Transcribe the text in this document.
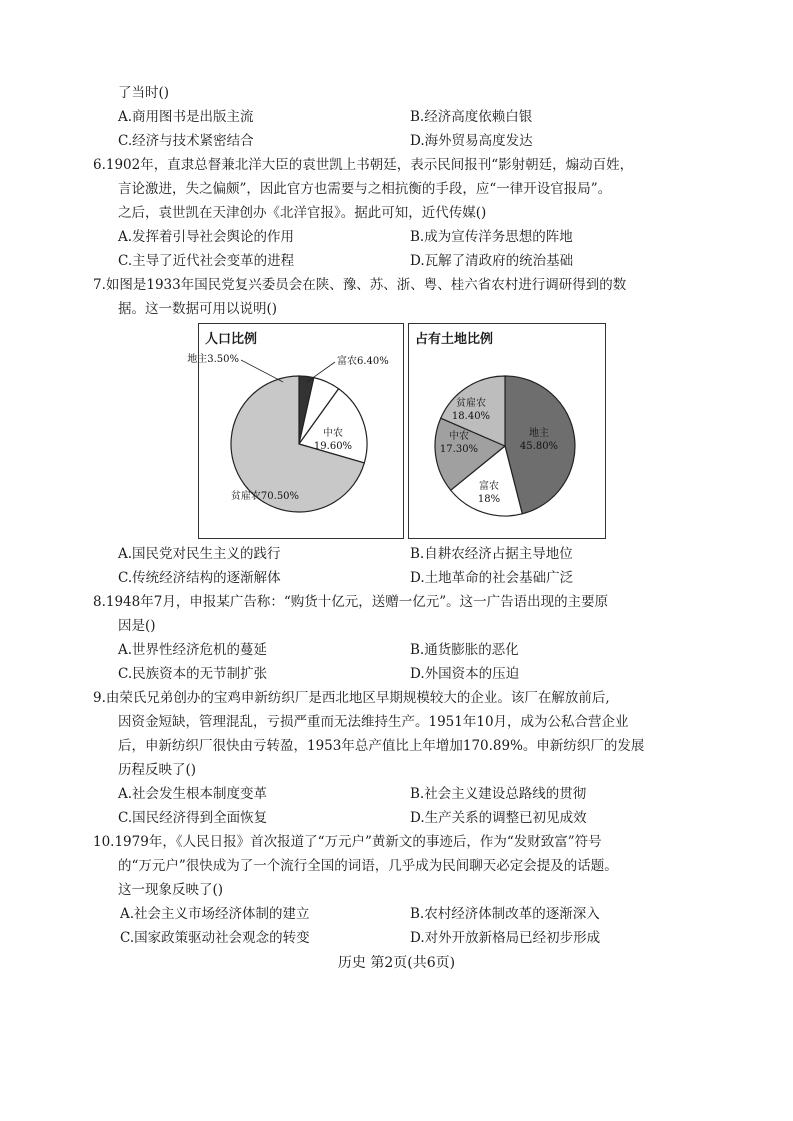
了当时()
A.商用图书是出版主流	B.经济高度依赖白银
C.经济与技术紧密结合	D.海外贸易高度发达
6.1902年，直隶总督兼北洋大臣的袁世凯上书朝廷，表示民间报刊“影射朝廷，煽动百姓，
言论激进，失之偏颇”，因此官方也需要与之相抗衡的手段，应“一律开设官报局”。
之后，袁世凯在天津创办《北洋官报》。据此可知，近代传媒()
A.发挥着引导社会舆论的作用	B.成为宣传洋务思想的阵地
C.主导了近代社会变革的进程	D.瓦解了清政府的统治基础
7.如图是1933年国民党复兴委员会在陕、豫、苏、浙、粤、桂六省农村进行调研得到的数
据。这一数据可用以说明()
人口比例
地主3.50%	富农6.40%
中农 19.60%
贫雇农70.50%
占有土地比例
地主 45.80%
富农 18%
中农 17.30%
贫雇农 18.40%
A.国民党对民生主义的践行	B.自耕农经济占据主导地位
C.传统经济结构的逐渐解体	D.土地革命的社会基础广泛
8.1948年7月，申报某广告称：“购货十亿元，送赠一亿元”。这一广告语出现的主要原
因是()
A.世界性经济危机的蔓延	B.通货膨胀的恶化
C.民族资本的无节制扩张	D.外国资本的压迫
9.由荣氏兄弟创办的宝鸡申新纺织厂是西北地区早期规模较大的企业。该厂在解放前后,
因资金短缺，管理混乱，亏损严重而无法维持生产。1951年10月，成为公私合营企业
后，申新纺织厂很快由亏转盈，1953年总产值比上年增加170.89%。申新纺织厂的发展
历程反映了()
A.社会发生根本制度变革	B.社会主义建设总路线的贯彻
C.国民经济得到全面恢复	D.生产关系的调整已初见成效
10.1979年，《人民日报》首次报道了“万元户”黄新文的事迹后，作为“发财致富”符号
的“万元户”很快成为了一个流行全国的词语，几乎成为民间聊天必定会提及的话题。
这一现象反映了()
A.社会主义市场经济体制的建立	B.农村经济体制改革的逐渐深入
C.国家政策驱动社会观念的转变	D.对外开放新格局已经初步形成
历史 第2页(共6页)
